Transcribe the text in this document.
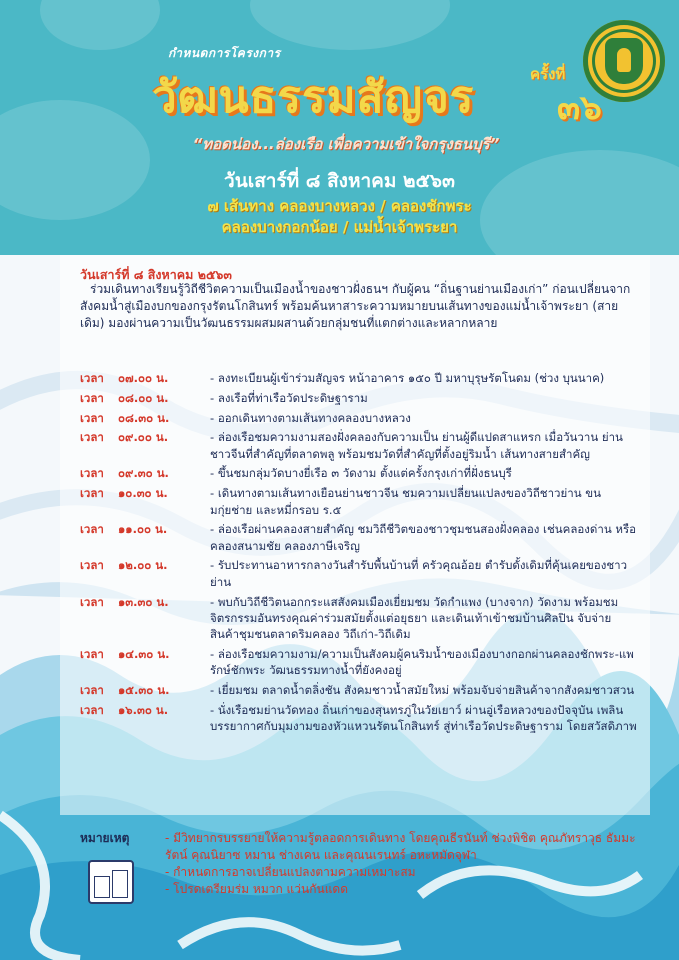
กำหนดการโครงการ
วัฒนธรรมสัญจร	ครั้งที่
๓๖
“ทอดน่อง...ล่องเรือ เพื่อความเข้าใจกรุงธนบุรี”
วันเสาร์ที่ ๘ สิงหาคม ๒๕๖๓
๗ เส้นทาง คลองบางหลวง / คลองชักพระ
คลองบางกอกน้อย / แม่น้ำเจ้าพระยา
วันเสาร์ที่ ๘ สิงหาคม ๒๕๖๓
ร่วมเดินทางเรียนรู้วิถีชีวิตความเป็นเมืองน้ำของชาวฝั่งธนฯ กับผู้คน “ถิ่นฐานย่านเมืองเก่า” ก่อนเปลี่ยนจากสังคมน้ำสู่เมืองบกของกรุงรัตนโกสินทร์ พร้อมค้นหาสาระความหมายบนเส้นทางของแม่น้ำเจ้าพระยา (สายเดิม) มองผ่านความเป็นวัฒนธรรมผสมผสานด้วยกลุ่มชนที่แตกต่างและหลากหลาย
เวลา	๐๗.๐๐ น.	- ลงทะเบียนผู้เข้าร่วมสัญจร หน้าอาคาร ๑๕๐ ปี มหาบุรุษรัตโนดม (ช่วง บุนนาค)
เวลา	๐๘.๐๐ น.	- ลงเรือที่ท่าเรือวัดประดิษฐาราม
เวลา	๐๘.๓๐ น.	- ออกเดินทางตามเส้นทางคลองบางหลวง
เวลา	๐๙.๐๐ น.	- ล่องเรือชมความงามสองฝั่งคลองกับความเป็น ย่านผู้ดีแปดสาแหรก เมื่อวันวาน ย่านชาวจีนที่สำคัญที่ตลาดพลู พร้อมชมวัดที่สำคัญที่ตั้งอยู่ริมน้ำ เส้นทางสายสำคัญ
เวลา	๐๙.๓๐ น.	- ขึ้นชมกลุ่มวัดบางยี่เรือ ๓ วัดงาม ตั้งแต่ครั้งกรุงเก่าที่ฝั่งธนบุรี
เวลา	๑๐.๓๐ น.	- เดินทางตามเส้นทางเยือนย่านชาวจีน ชมความเปลี่ยนแปลงของวิถีชาวย่าน ขนมกุ่ยช่าย และหมี่กรอบ ร.๕
เวลา	๑๑.๐๐ น.	- ล่องเรือผ่านคลองสายสำคัญ ชมวิถีชีวิตของชาวชุมชนสองฝั่งคลอง เช่นคลองด่าน หรือคลองสนามชัย คลองภาษีเจริญ
เวลา	๑๒.๐๐ น.	- รับประทานอาหารกลางวันสำรับพื้นบ้านที่ ครัวคุณอ้อย ตำรับดั้งเดิมที่คุ้นเคยของชาวย่าน
เวลา	๑๓.๓๐ น.	- พบกับวิถีชีวิตนอกกระแสสังคมเมืองเยี่ยมชม วัดกำแพง (บางจาก) วัดงาม พร้อมชมจิตรกรรมอันทรงคุณค่าร่วมสมัยตั้งแต่อยุธยา และเดินเท้าเข้าชมบ้านศิลปิน จับจ่ายสินค้าชุมชนตลาดริมคลอง วิถีเก่า-วิถีเดิม
เวลา	๑๔.๓๐ น.	- ล่องเรือชมความงาม/ความเป็นสังคมผู้คนริมน้ำของเมืองบางกอกผ่านคลองชักพระ-แพรักษ์ชักพระ วัฒนธรรมทางน้ำที่ยังคงอยู่
เวลา	๑๕.๓๐ น.	- เยี่ยมชม ตลาดน้ำตลิ่งชัน สังคมชาวน้ำสมัยใหม่ พร้อมจับจ่ายสินค้าจากสังคมชาวสวน
เวลา	๑๖.๓๐ น.	- นั่งเรือชมย่านวัดทอง ถิ่นเก่าของสุนทรภู่ในวัยเยาว์ ผ่านอู่เรือหลวงของปัจจุบัน เพลินบรรยากาศกับมุมงามของหัวแหวนรัตนโกสินทร์ สู่ท่าเรือวัดประดิษฐาราม โดยสวัสดิภาพ
หมายเหตุ	- มีวิทยากรบรรยายให้ความรู้ตลอดการเดินทาง โดยคุณธีรนันท์ ช่วงพิชิต คุณภัทราวุธ ธัมมะรัตน์ คุณนิยาซ หมาน ช่างเคน และคุณนเรนทร์ อหะหมัดจุฬา
- กำหนดการอาจเปลี่ยนแปลงตามความเหมาะสม
- โปรดเตรียมร่ม หมวก แว่นกันแดด
